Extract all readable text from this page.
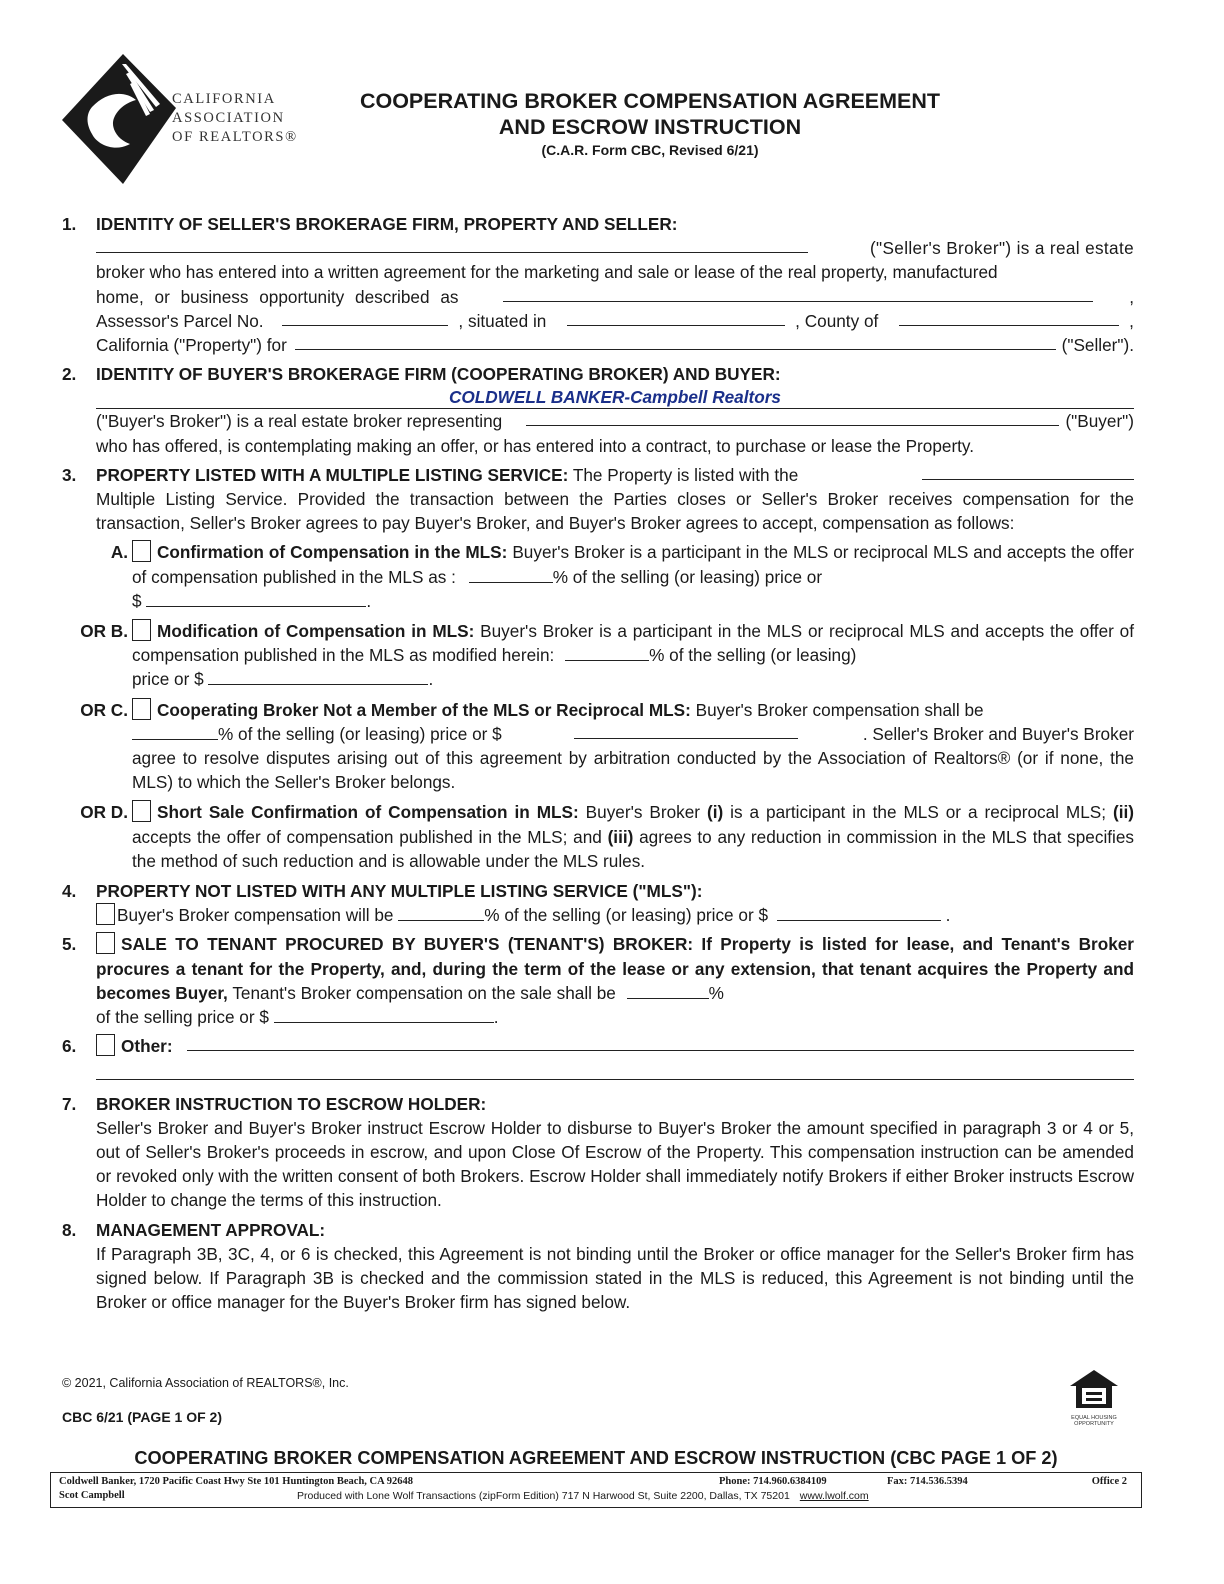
CALIFORNIA
ASSOCIATION
OF REALTORS®
COOPERATING BROKER COMPENSATION AGREEMENT
AND ESCROW INSTRUCTION
(C.A.R. Form CBC, Revised 6/21)
1. IDENTITY OF SELLER'S BROKERAGE FIRM, PROPERTY AND SELLER:
("Seller's Broker") is a real estate
broker who has entered into a written agreement for the marketing and sale or lease of the real property, manufactured
home, or business opportunity described as	,
Assessor's Parcel No.	, situated in	, County of	,
California ("Property") for	("Seller").
2. IDENTITY OF BUYER'S BROKERAGE FIRM (COOPERATING BROKER) AND BUYER:
COLDWELL BANKER-Campbell Realtors
("Buyer's Broker") is a real estate broker representing	("Buyer")
who has offered, is contemplating making an offer, or has entered into a contract, to purchase or lease the Property.
3. PROPERTY LISTED WITH A MULTIPLE LISTING SERVICE: The Property is listed with the
Multiple Listing Service. Provided the transaction between the Parties closes or Seller's Broker receives compensation for the transaction, Seller's Broker agrees to pay Buyer's Broker, and Buyer's Broker agrees to accept, compensation as follows:
A.	Confirmation of Compensation in the MLS: Buyer's Broker is a participant in the MLS or reciprocal MLS and accepts the offer of compensation published in the MLS as :	% of the selling (or leasing) price or
$	.
OR B.	Modification of Compensation in MLS: Buyer's Broker is a participant in the MLS or reciprocal MLS and accepts the offer of compensation published in the MLS as modified herein:	% of the selling (or leasing)
price or $	.
OR C.	Cooperating Broker Not a Member of the MLS or Reciprocal MLS: Buyer's Broker compensation shall be
% of the selling (or leasing) price or $	. Seller's Broker and Buyer's Broker
agree to resolve disputes arising out of this agreement by arbitration conducted by the Association of Realtors® (or if none, the MLS) to which the Seller's Broker belongs.
OR D.	Short Sale Confirmation of Compensation in MLS: Buyer's Broker (i) is a participant in the MLS or a reciprocal MLS; (ii) accepts the offer of compensation published in the MLS; and (iii) agrees to any reduction in commission in the MLS that specifies the method of such reduction and is allowable under the MLS rules.
4. PROPERTY NOT LISTED WITH ANY MULTIPLE LISTING SERVICE ("MLS"):
Buyer's Broker compensation will be	% of the selling (or leasing) price or $	.
5.	SALE TO TENANT PROCURED BY BUYER'S (TENANT'S) BROKER: If Property is listed for lease, and Tenant's Broker procures a tenant for the Property, and, during the term of the lease or any extension, that tenant acquires the Property and becomes Buyer, Tenant's Broker compensation on the sale shall be	%
of the selling price or $	.
6.	Other:
7. BROKER INSTRUCTION TO ESCROW HOLDER:
Seller's Broker and Buyer's Broker instruct Escrow Holder to disburse to Buyer's Broker the amount specified in paragraph 3 or 4 or 5, out of Seller's Broker's proceeds in escrow, and upon Close Of Escrow of the Property. This compensation instruction can be amended or revoked only with the written consent of both Brokers. Escrow Holder shall immediately notify Brokers if either Broker instructs Escrow Holder to change the terms of this instruction.
8. MANAGEMENT APPROVAL:
If Paragraph 3B, 3C, 4, or 6 is checked, this Agreement is not binding until the Broker or office manager for the Seller's Broker firm has signed below. If Paragraph 3B is checked and the commission stated in the MLS is reduced, this Agreement is not binding until the Broker or office manager for the Buyer's Broker firm has signed below.
© 2021, California Association of REALTORS®, Inc.
CBC 6/21 (PAGE 1 OF 2)	EQUAL HOUSING
OPPORTUNITY
COOPERATING BROKER COMPENSATION AGREEMENT AND ESCROW INSTRUCTION (CBC PAGE 1 OF 2)
Coldwell Banker, 1720 Pacific Coast Hwy Ste 101 Huntington Beach, CA 92648
Scot Campbell
Phone: 714.960.6384109	Fax: 714.536.5394	Office 2
Produced with Lone Wolf Transactions (zipForm Edition) 717 N Harwood St, Suite 2200, Dallas, TX 75201 www.lwolf.com
